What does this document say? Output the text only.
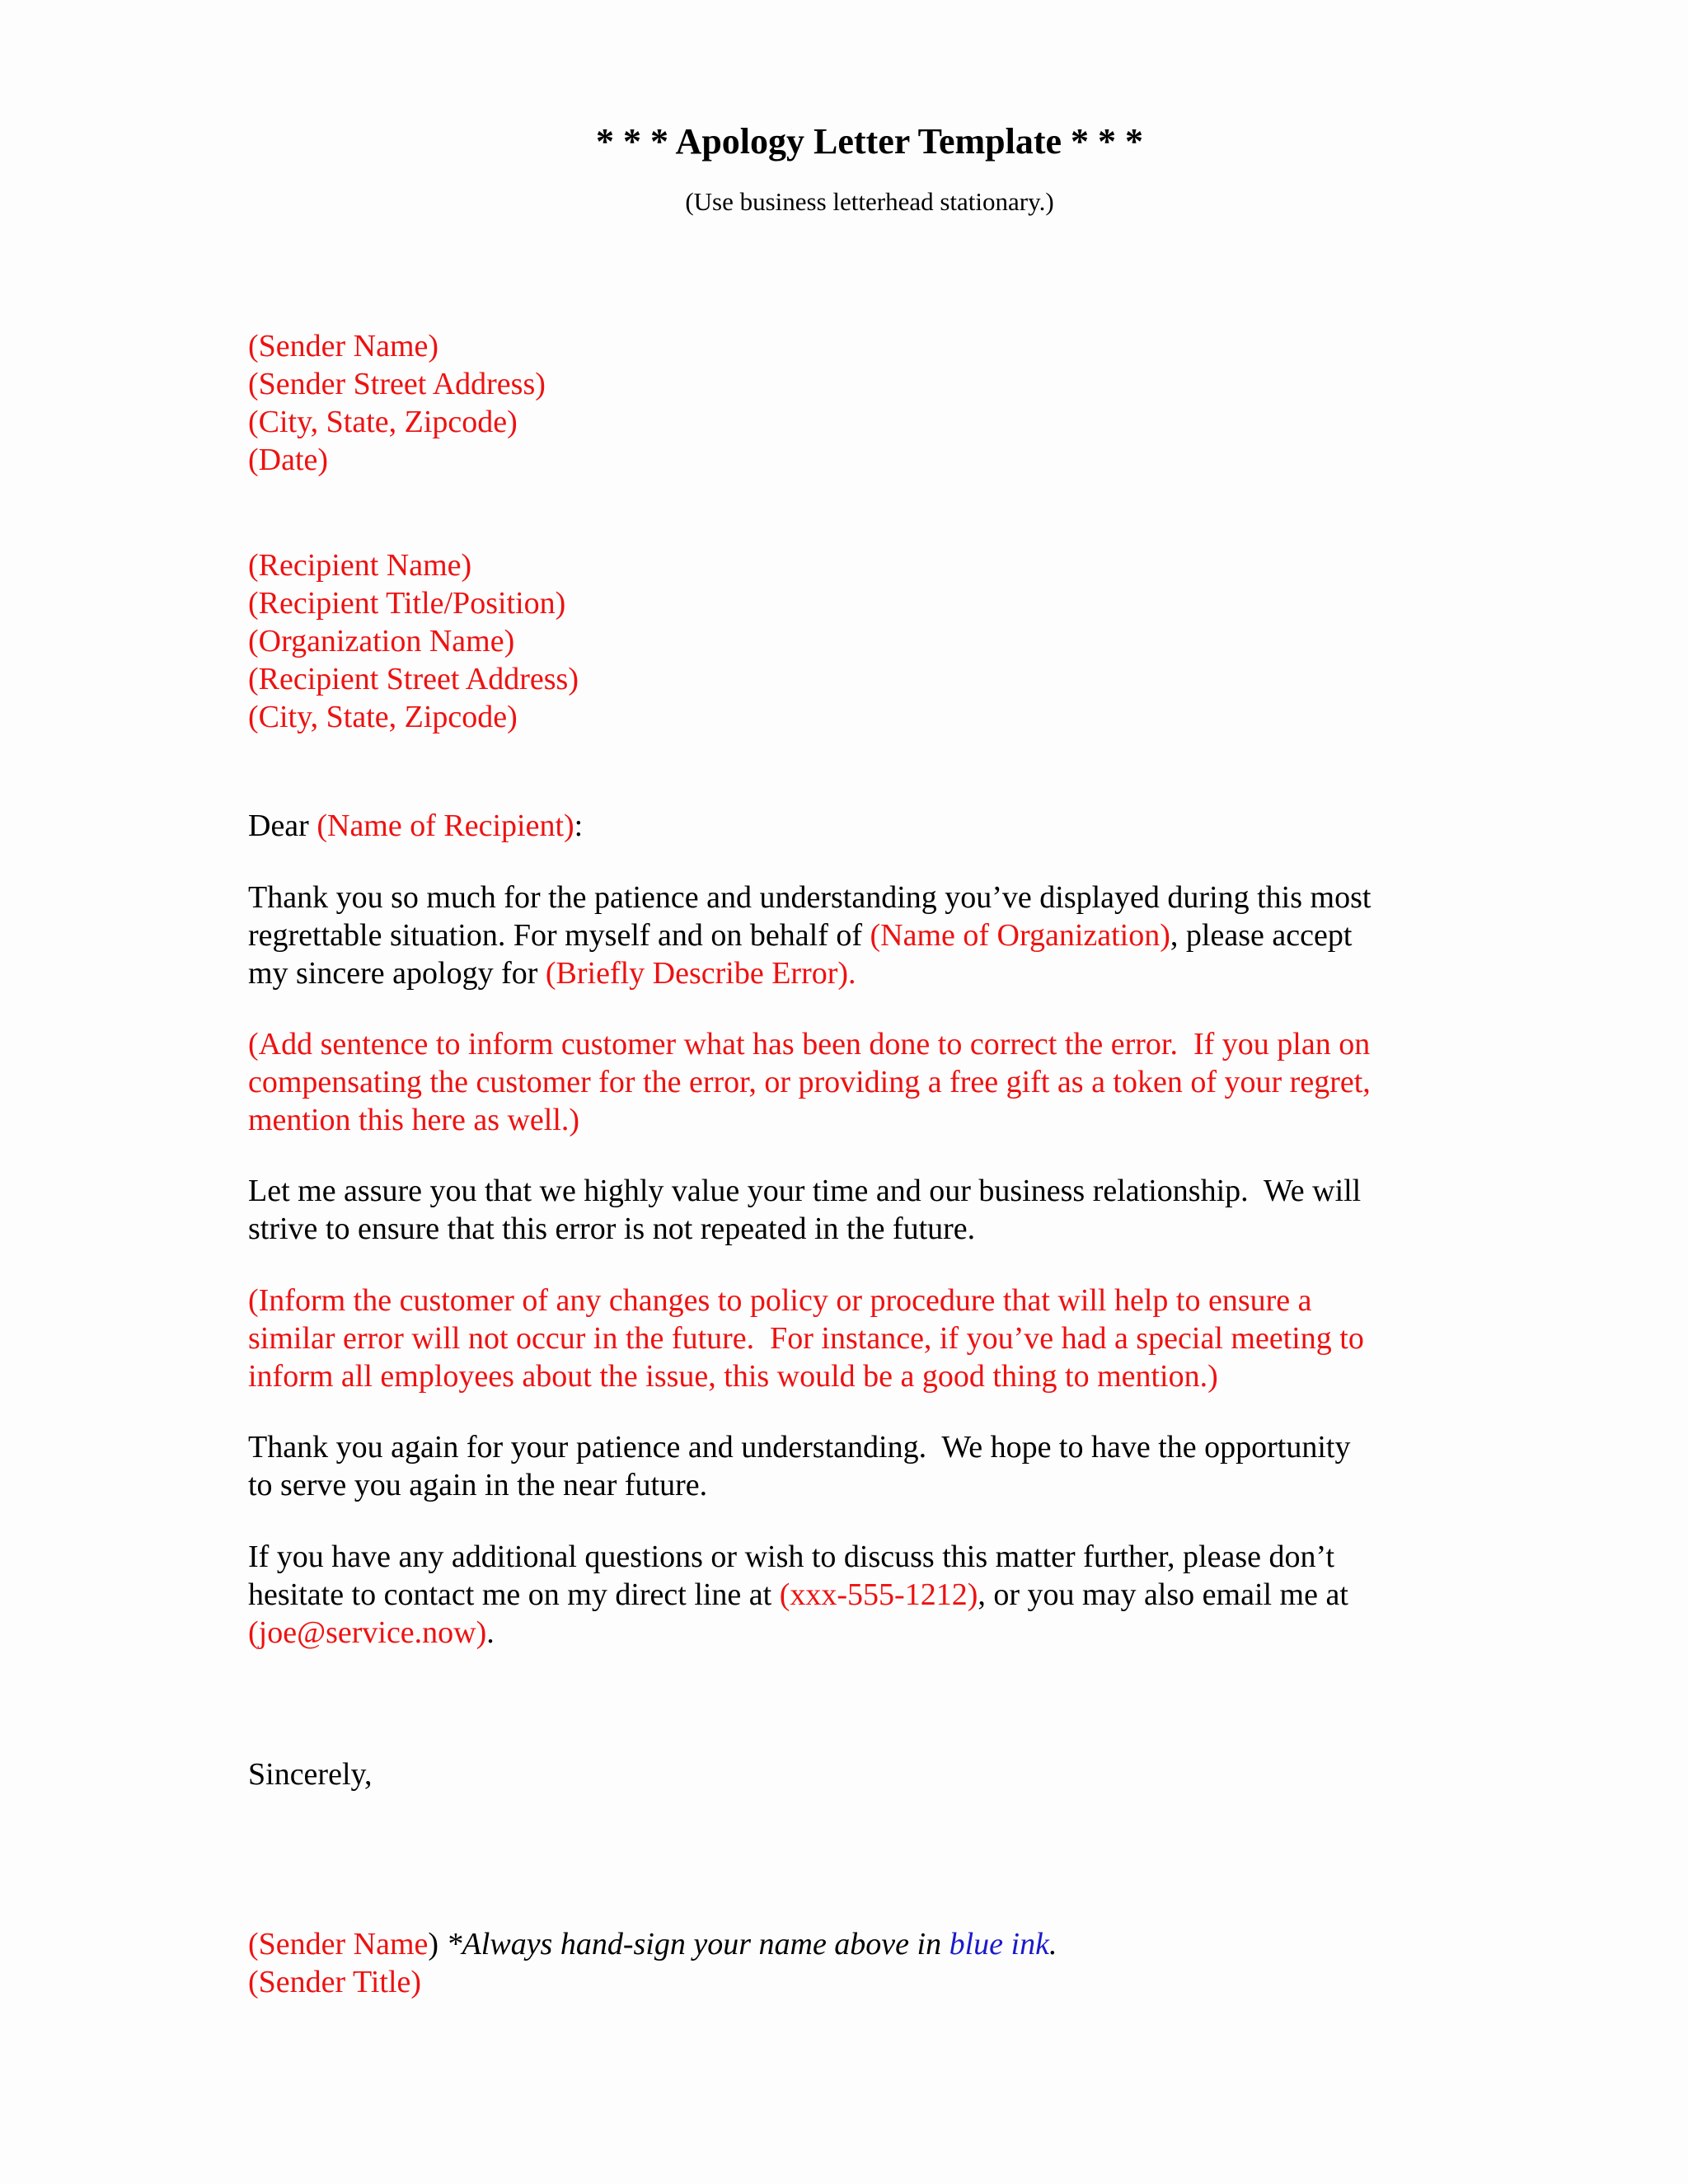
* * * Apology Letter Template * * *
(Use business letterhead stationary.)
(Sender Name)
(Sender Street Address)
(City, State, Zipcode)
(Date)
(Recipient Name)
(Recipient Title/Position)
(Organization Name)
(Recipient Street Address)
(City, State, Zipcode)
Dear (Name of Recipient):
Thank you so much for the patience and understanding you’ve displayed during this most
regrettable situation. For myself and on behalf of (Name of Organization), please accept
my sincere apology for (Briefly Describe Error).
(Add sentence to inform customer what has been done to correct the error.  If you plan on
compensating the customer for the error, or providing a free gift as a token of your regret,
mention this here as well.)
Let me assure you that we highly value your time and our business relationship.  We will
strive to ensure that this error is not repeated in the future.
(Inform the customer of any changes to policy or procedure that will help to ensure a
similar error will not occur in the future.  For instance, if you’ve had a special meeting to
inform all employees about the issue, this would be a good thing to mention.)
Thank you again for your patience and understanding.  We hope to have the opportunity
to serve you again in the near future.
If you have any additional questions or wish to discuss this matter further, please don’t
hesitate to contact me on my direct line at (xxx-555-1212), or you may also email me at
(joe@service.now).
Sincerely,
(Sender Name) *Always hand-sign your name above in blue ink.
(Sender Title)
